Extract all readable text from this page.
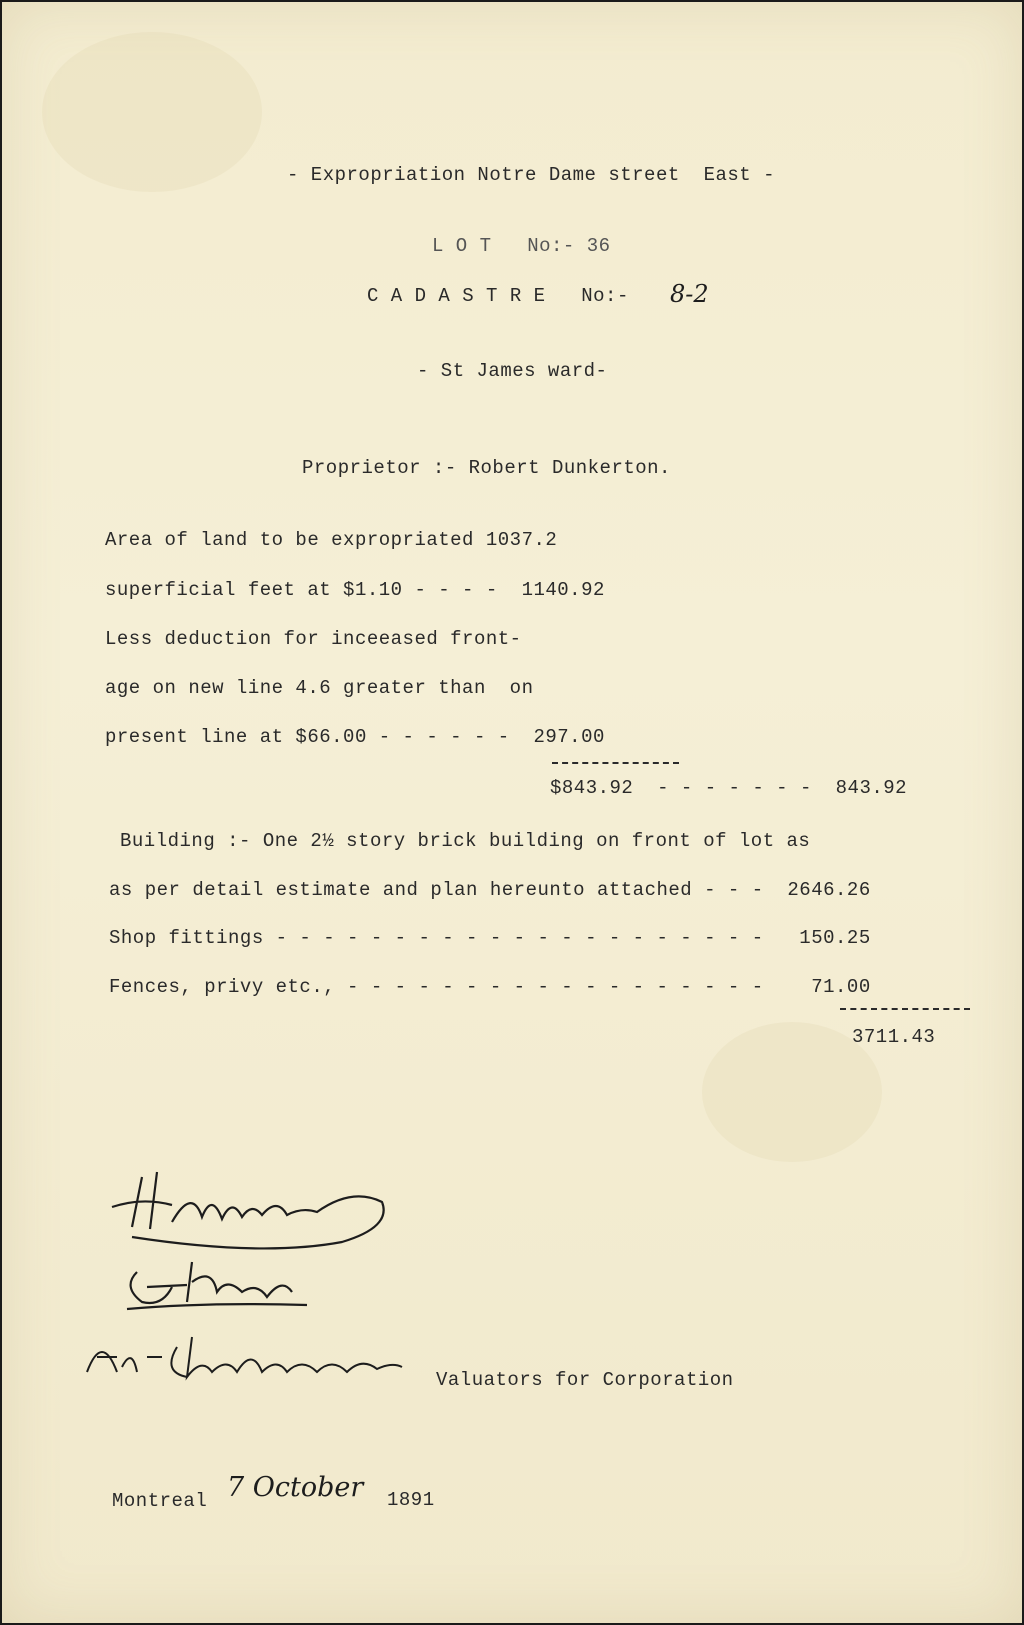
- Expropriation Notre Dame street  East -
L O T   No:- 36
C A D A S T R E   No:- 8-2
- St James ward-
Proprietor :- Robert Dunkerton.
Area of land to be expropriated 1037.2
superficial feet at $1.10 - - - -  1140.92
Less deduction for inceeased front-
age on new line 4.6 greater than  on
present line at $66.00 - - - - - -  297.00
$843.92  - - - - - - -  843.92
Building :- One 2½ story brick building on front of lot as
as per detail estimate and plan hereunto attached - - -  2646.26
Shop fittings - - - - - - - - - - - - - - - - - - - - -   150.25
Fences, privy etc., - - - - - - - - - - - - - - - - - -    71.00
3711.43
Valuators for Corporation
Montreal 7 October 1891
